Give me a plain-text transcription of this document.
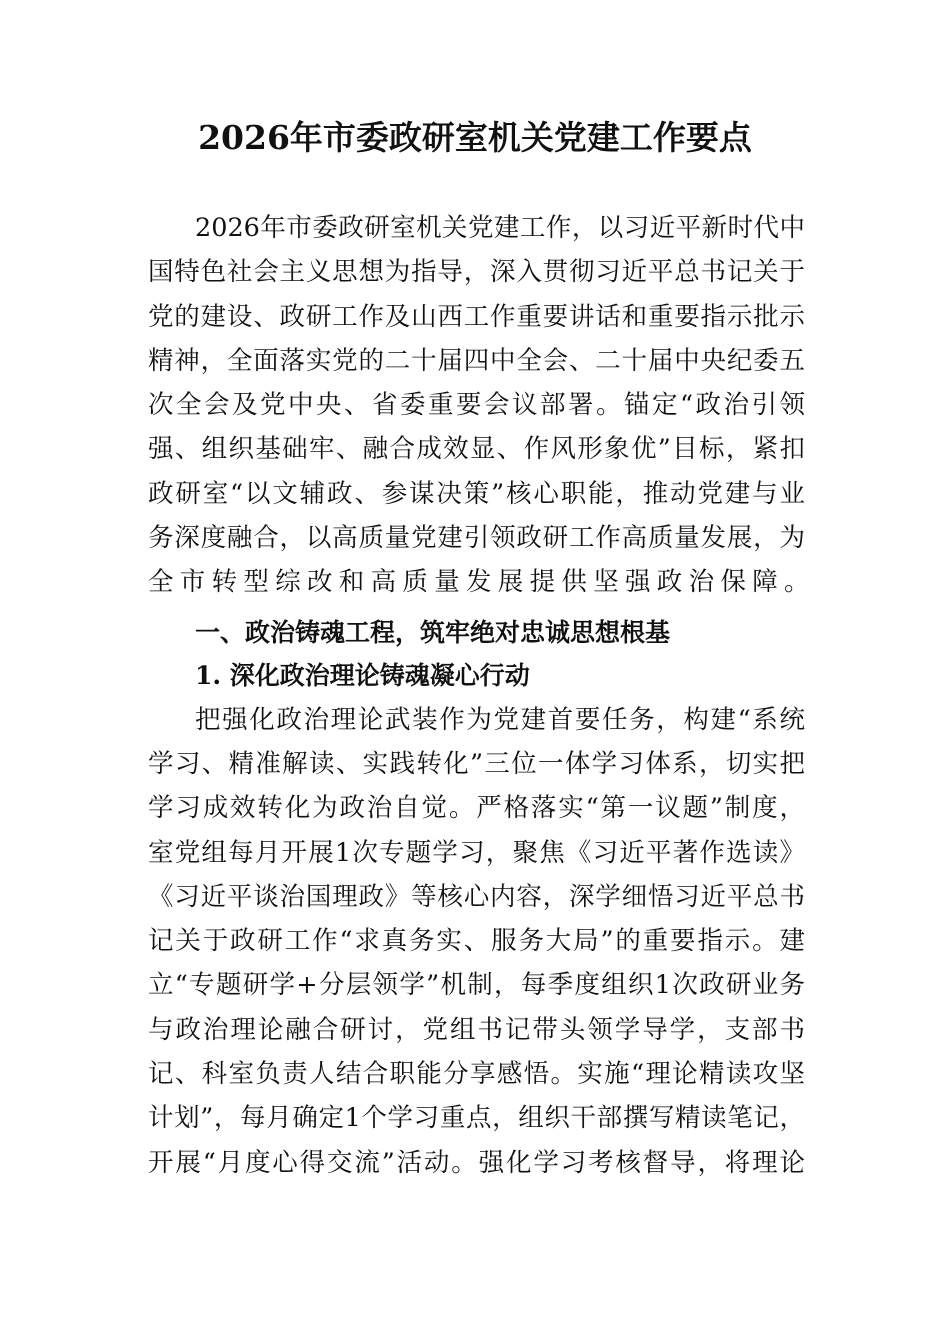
2026年市委政研室机关党建工作要点
2026年市委政研室机关党建工作，以习近平新时代中
国特色社会主义思想为指导，深入贯彻习近平总书记关于
党的建设、政研工作及山西工作重要讲话和重要指示批示
精神，全面落实党的二十届四中全会、二十届中央纪委五
次全会及党中央、省委重要会议部署。锚定“政治引领
强、组织基础牢、融合成效显、作风形象优”目标，紧扣
政研室“以文辅政、参谋决策”核心职能，推动党建与业
务深度融合，以高质量党建引领政研工作高质量发展，为
全市转型综改和高质量发展提供坚强政治保障。
一、政治铸魂工程，筑牢绝对忠诚思想根基
1. 深化政治理论铸魂凝心行动
把强化政治理论武装作为党建首要任务，构建“系统
学习、精准解读、实践转化”三位一体学习体系，切实把
学习成效转化为政治自觉。严格落实“第一议题”制度，
室党组每月开展1次专题学习，聚焦《习近平著作选读》
《习近平谈治国理政》等核心内容，深学细悟习近平总书
记关于政研工作“求真务实、服务大局”的重要指示。建
立“专题研学+分层领学”机制，每季度组织1次政研业务
与政治理论融合研讨，党组书记带头领学导学，支部书
记、科室负责人结合职能分享感悟。实施“理论精读攻坚
计划”，每月确定1个学习重点，组织干部撰写精读笔记，
开展“月度心得交流”活动。强化学习考核督导，将理论
